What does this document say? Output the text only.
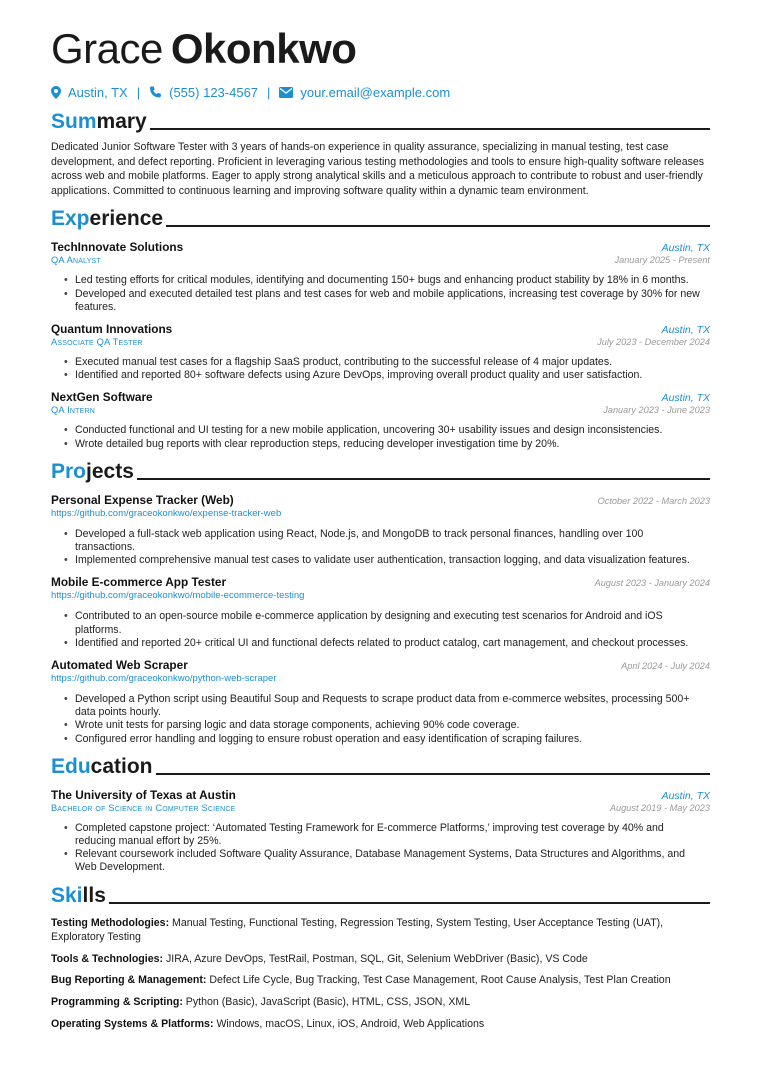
Grace Okonkwo
Austin, TX | (555) 123-4567 | your.email@example.com
Summary
Dedicated Junior Software Tester with 3 years of hands-on experience in quality assurance, specializing in manual testing, test case development, and defect reporting. Proficient in leveraging various testing methodologies and tools to ensure high-quality software releases across web and mobile platforms. Eager to apply strong analytical skills and a meticulous approach to contribute to robust and user-friendly applications. Committed to continuous learning and improving software quality within a dynamic team environment.
Experience
TechInnovate Solutions	Austin, TX
QA Analyst	January 2025 - Present
• Led testing efforts for critical modules, identifying and documenting 150+ bugs and enhancing product stability by 18% in 6 months.
• Developed and executed detailed test plans and test cases for web and mobile applications, increasing test coverage by 30% for new features.
Quantum Innovations	Austin, TX
Associate QA Tester	July 2023 - December 2024
• Executed manual test cases for a flagship SaaS product, contributing to the successful release of 4 major updates.
• Identified and reported 80+ software defects using Azure DevOps, improving overall product quality and user satisfaction.
NextGen Software	Austin, TX
QA Intern	January 2023 - June 2023
• Conducted functional and UI testing for a new mobile application, uncovering 30+ usability issues and design inconsistencies.
• Wrote detailed bug reports with clear reproduction steps, reducing developer investigation time by 20%.
Projects
Personal Expense Tracker (Web)	October 2022 - March 2023
https://github.com/graceokonkwo/expense-tracker-web
• Developed a full-stack web application using React, Node.js, and MongoDB to track personal finances, handling over 100 transactions.
• Implemented comprehensive manual test cases to validate user authentication, transaction logging, and data visualization features.
Mobile E-commerce App Tester	August 2023 - January 2024
https://github.com/graceokonkwo/mobile-ecommerce-testing
• Contributed to an open-source mobile e-commerce application by designing and executing test scenarios for Android and iOS platforms.
• Identified and reported 20+ critical UI and functional defects related to product catalog, cart management, and checkout processes.
Automated Web Scraper	April 2024 - July 2024
https://github.com/graceokonkwo/python-web-scraper
• Developed a Python script using Beautiful Soup and Requests to scrape product data from e-commerce websites, processing 500+ data points hourly.
• Wrote unit tests for parsing logic and data storage components, achieving 90% code coverage.
• Configured error handling and logging to ensure robust operation and easy identification of scraping failures.
Education
The University of Texas at Austin	Austin, TX
Bachelor of Science in Computer Science	August 2019 - May 2023
• Completed capstone project: ‘Automated Testing Framework for E-commerce Platforms,’ improving test coverage by 40% and reducing manual effort by 25%.
• Relevant coursework included Software Quality Assurance, Database Management Systems, Data Structures and Algorithms, and Web Development.
Skills
Testing Methodologies: Manual Testing, Functional Testing, Regression Testing, System Testing, User Acceptance Testing (UAT), Exploratory Testing
Tools & Technologies: JIRA, Azure DevOps, TestRail, Postman, SQL, Git, Selenium WebDriver (Basic), VS Code
Bug Reporting & Management: Defect Life Cycle, Bug Tracking, Test Case Management, Root Cause Analysis, Test Plan Creation
Programming & Scripting: Python (Basic), JavaScript (Basic), HTML, CSS, JSON, XML
Operating Systems & Platforms: Windows, macOS, Linux, iOS, Android, Web Applications
